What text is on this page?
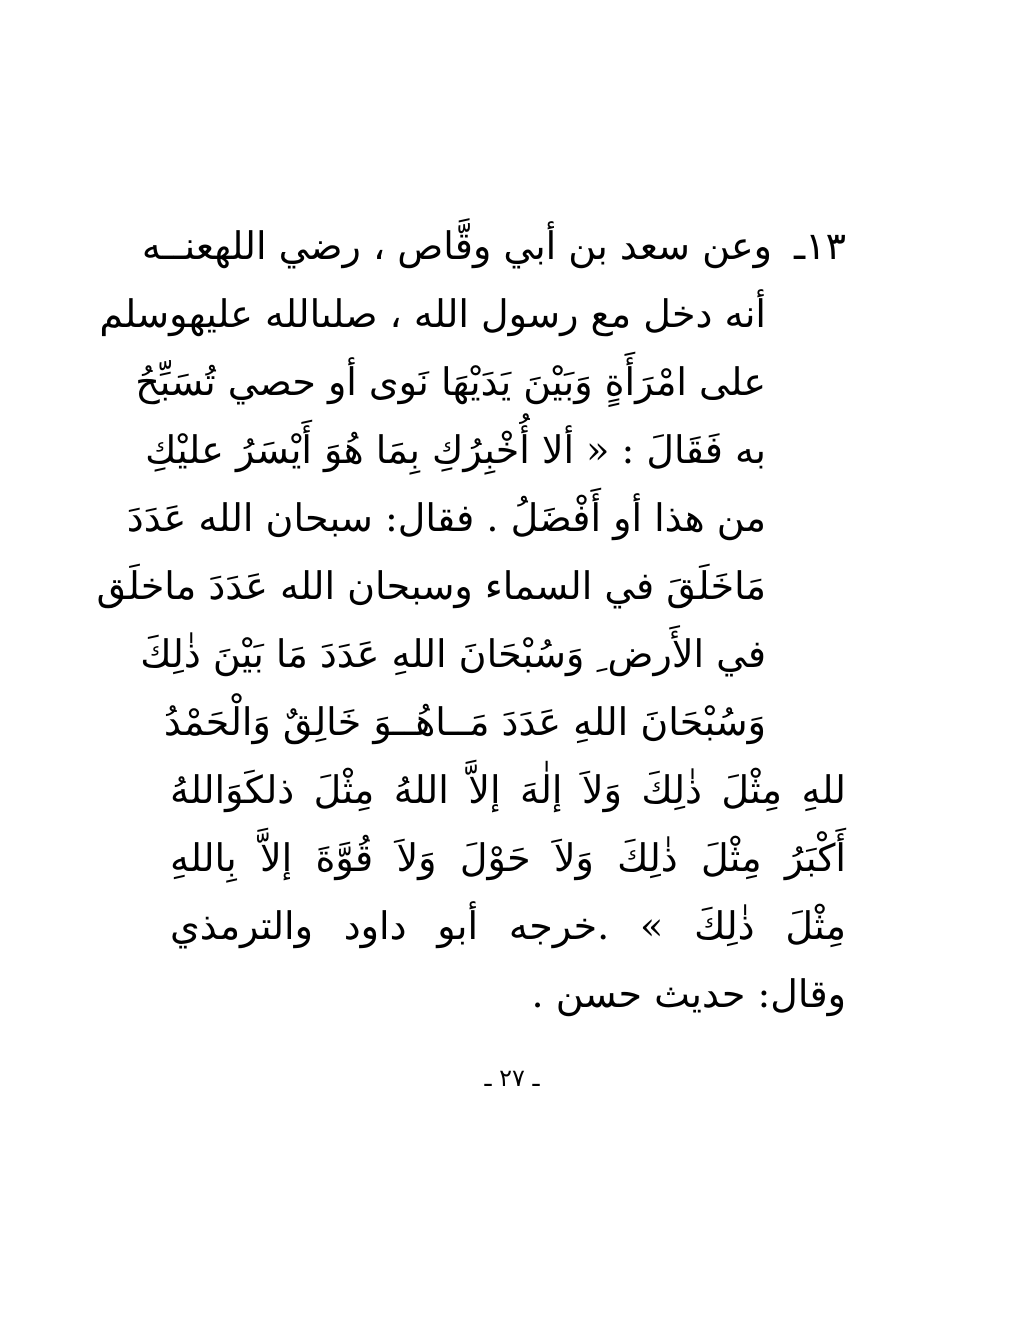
١٣ـ
وعن سعد بن أبي وقَّاص ، رضي اللهعنــه
أنه دخل مع رسول الله ، صلىالله عليهوسلم
على امْرَأَةٍ وَبَيْنَ يَدَيْهَا نَوى أو حصي تُسَبِّحُ
به فَقَالَ : « ألا أُخْبِرُكِ بِمَا هُوَ أَيْسَرُ عليْكِ
من هذا أو أَفْضَلُ . فقال: سبحان الله عَدَدَ
مَاخَلَقَ في السماء وسبحان الله عَدَدَ ماخلَق
في الأَرض ِ وَسُبْحَانَ اللهِ عَدَدَ مَا بَيْنَ ذٰلِكَ
وَسُبْحَانَ اللهِ عَدَدَ مَــاهُــوَ خَالِقٌ وَالْحَمْدُ
للهِ مِثْلَ ذٰلِكَ وَلاَ إلٰهَ إلاَّ اللهُ مِثْلَ ذلكَوَاللهُ
أَكْبَرُ مِثْلَ ذٰلِكَ وَلاَ حَوْلَ وَلاَ قُوَّةَ إلاَّ بِاللهِ
مِثْلَ ذٰلِكَ » .خرجه أبو داود والترمذي
وقال: حديث حسن .
ـ ٢٧ ـ
